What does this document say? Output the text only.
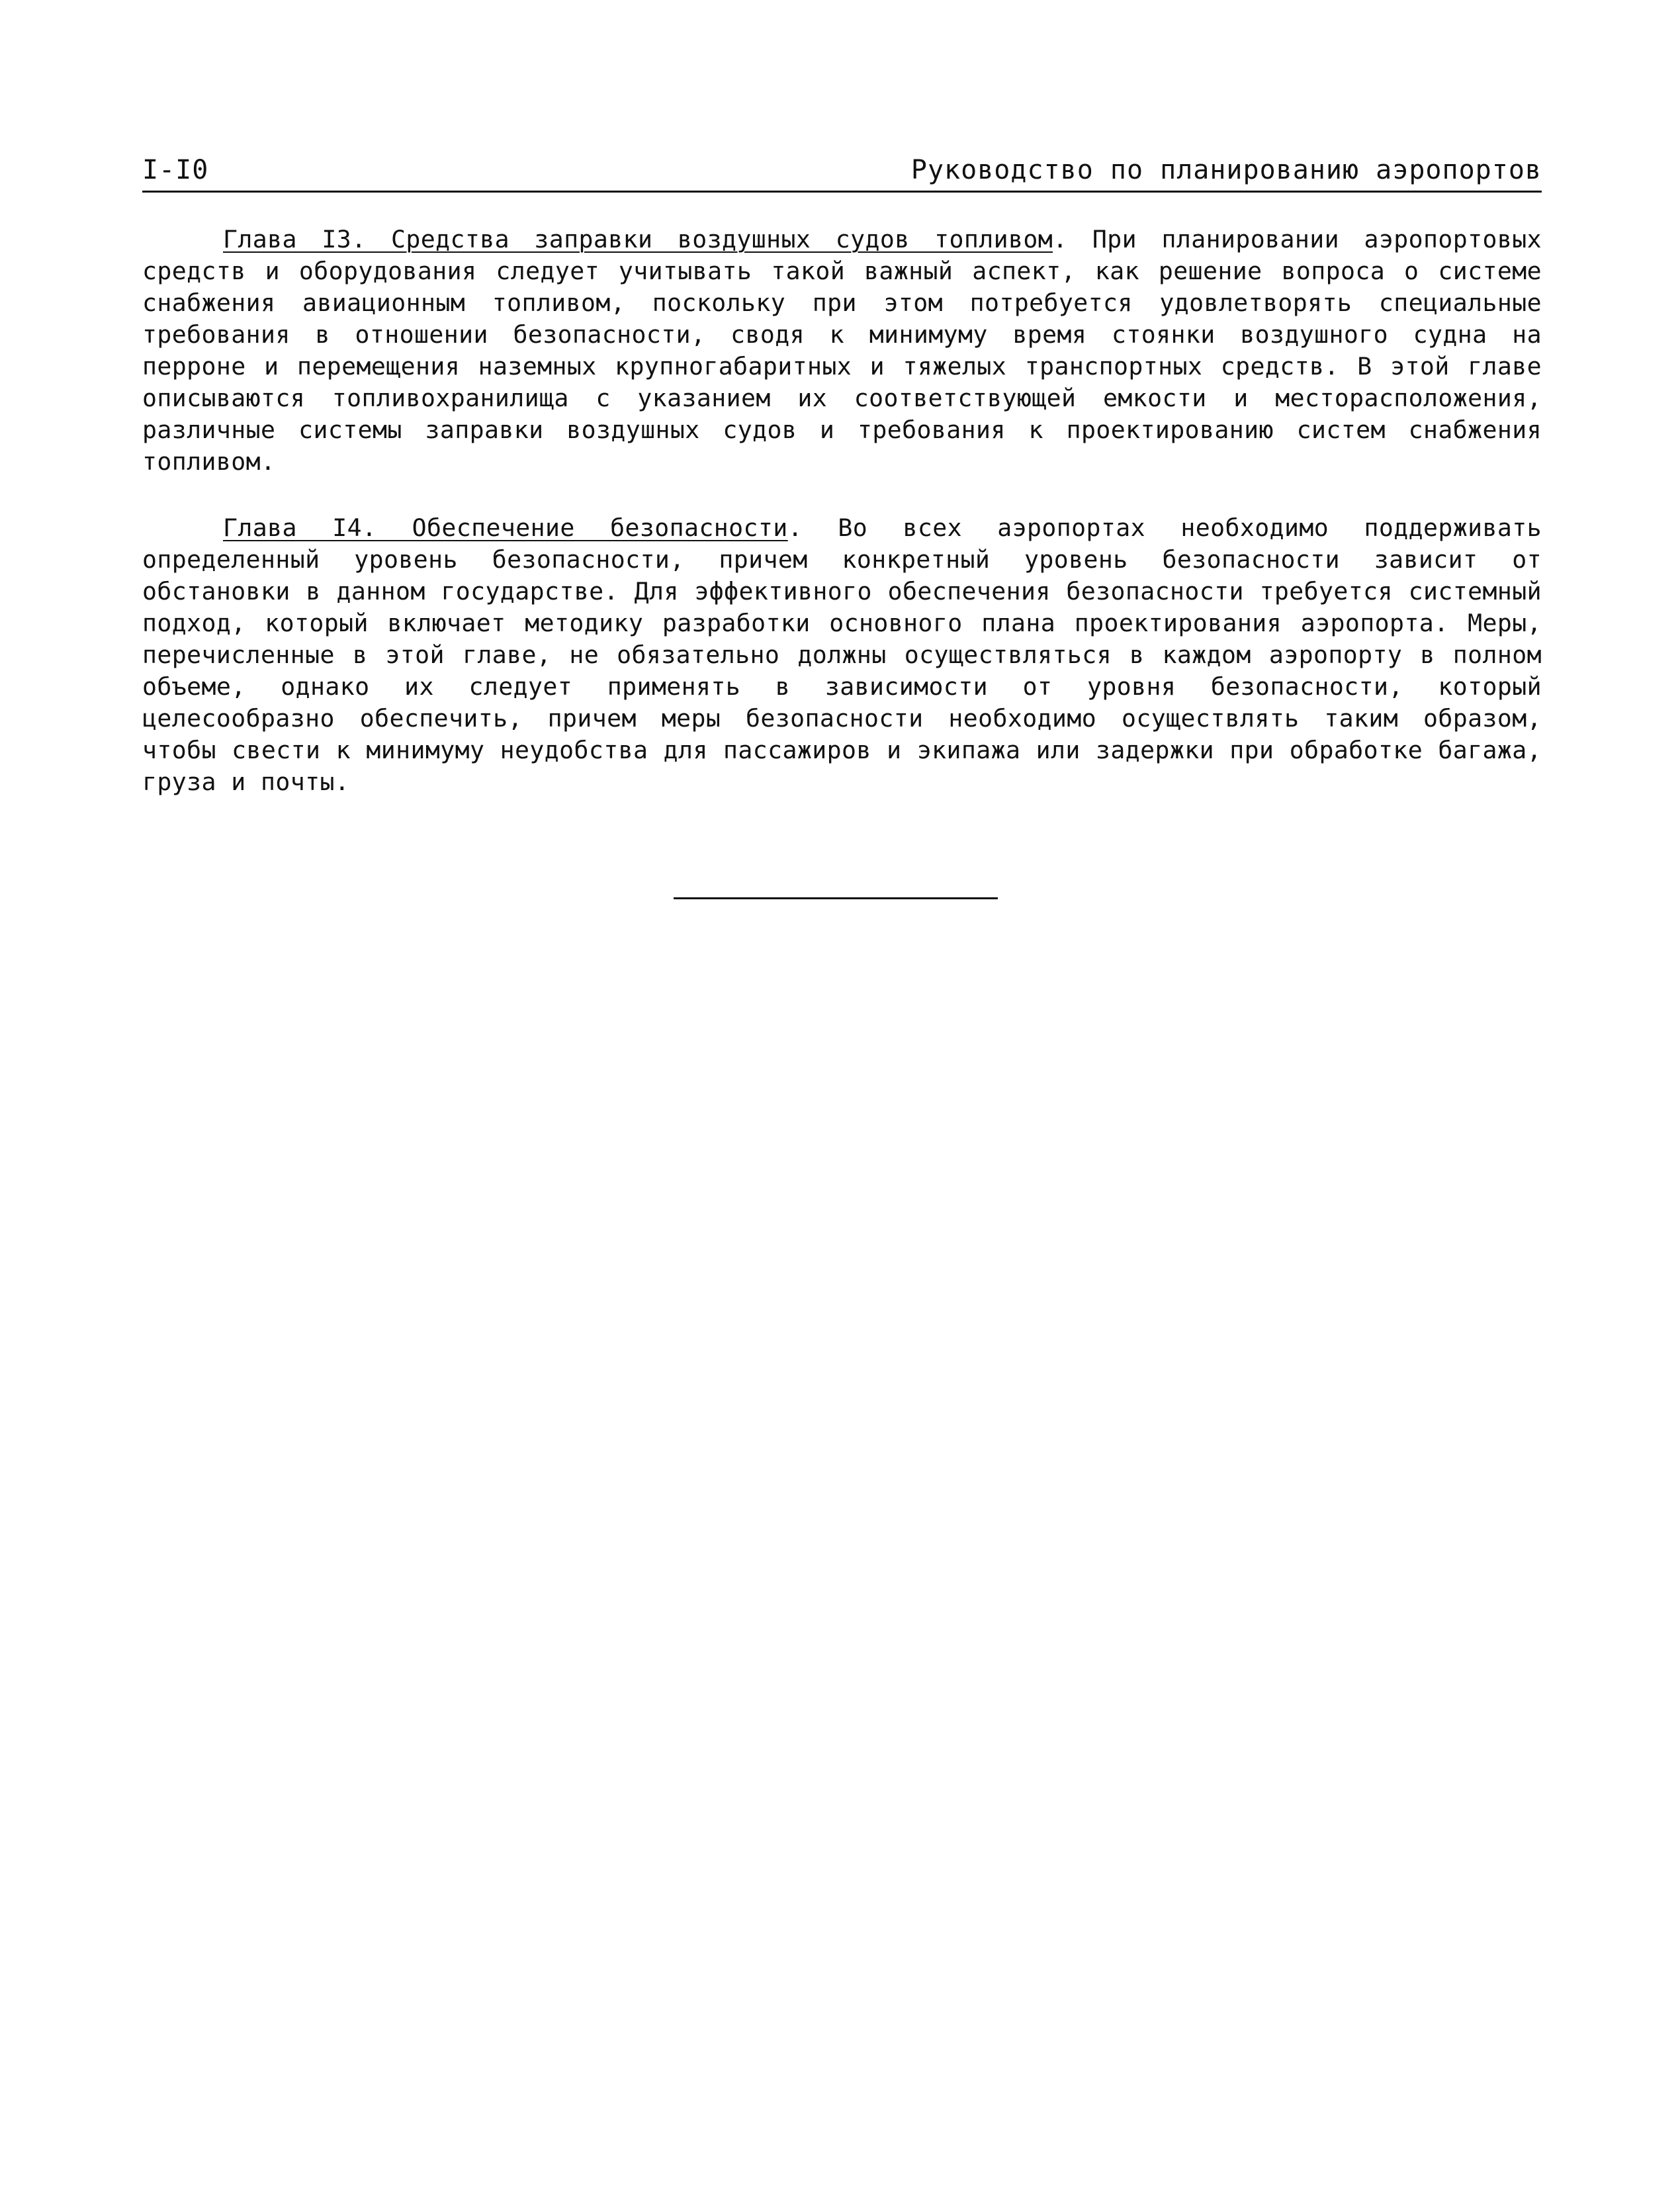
I-I0	Руководство по планированию аэропортов

Глава I3. Средства заправки воздушных судов топливом. При планировании аэропортовых средств и оборудования следует учитывать такой важный аспект, как решение вопроса о системе снабжения авиационным топливом, поскольку при этом потребуется удовлетворять специальные требования в отношении безопасности, сводя к минимуму время стоянки воздушного судна на перроне и перемещения наземных крупногабаритных и тяжелых транспортных средств. В этой главе описываются топливохранилища с указанием их соответствующей емкости и месторасположения, различные системы заправки воздушных судов и требования к проектированию систем снабжения топливом.

Глава I4. Обеспечение безопасности. Во всех аэропортах необходимо поддерживать определенный уровень безопасности, причем конкретный уровень безопасности зависит от обстановки в данном государстве. Для эффективного обеспечения безопасности требуется системный подход, который включает методику разработки основного плана проектирования аэропорта. Меры, перечисленные в этой главе, не обязательно должны осуществляться в каждом аэропорту в полном объеме, однако их следует применять в зависимости от уровня безопасности, который целесообразно обеспечить, причем меры безопасности необходимо осуществлять таким образом, чтобы свести к минимуму неудобства для пассажиров и экипажа или задержки при обработке багажа, груза и почты.
